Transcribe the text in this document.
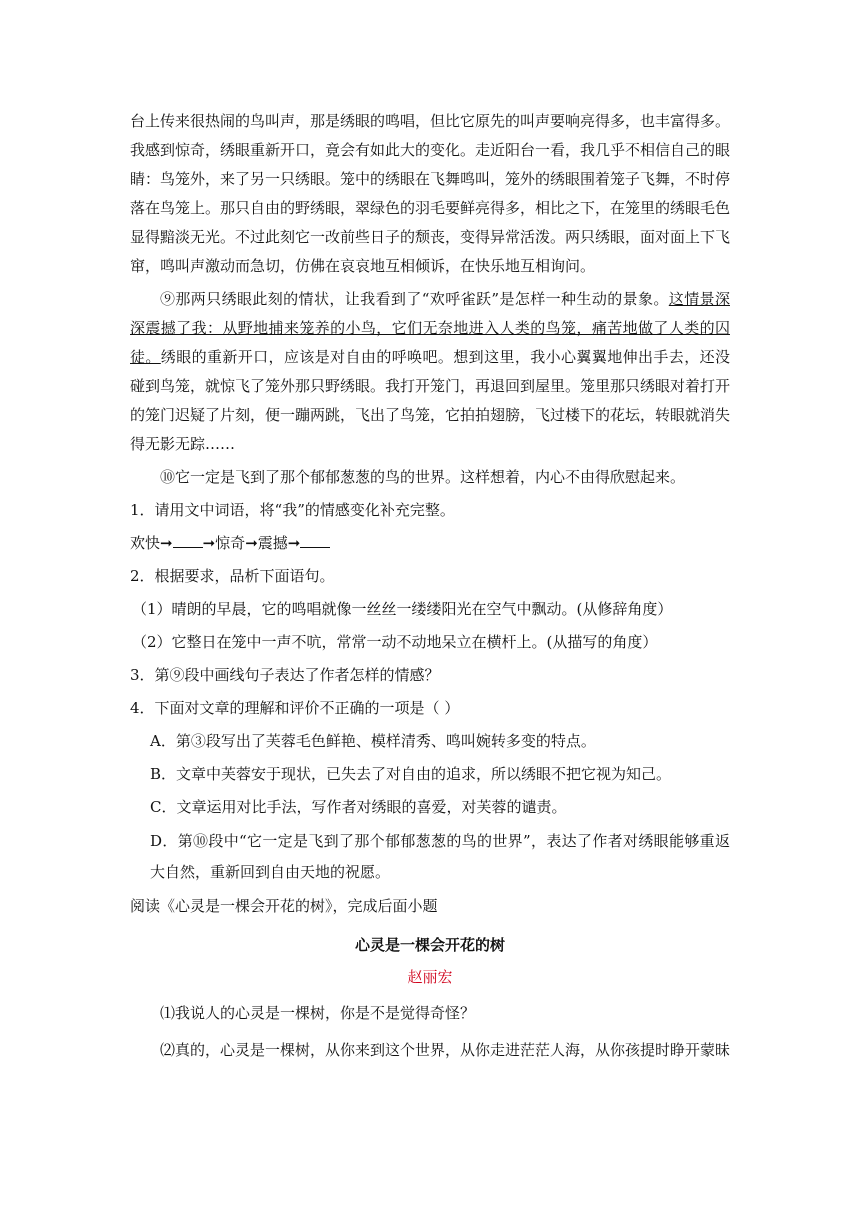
台上传来很热闹的鸟叫声，那是绣眼的鸣唱，但比它原先的叫声要响亮得多，也丰富得多。我感到惊奇，绣眼重新开口，竟会有如此大的变化。走近阳台一看，我几乎不相信自己的眼睛：鸟笼外，来了另一只绣眼。笼中的绣眼在飞舞鸣叫，笼外的绣眼围着笼子飞舞，不时停落在鸟笼上。那只自由的野绣眼，翠绿色的羽毛要鲜亮得多，相比之下，在笼里的绣眼毛色显得黯淡无光。不过此刻它一改前些日子的颓丧，变得异常活泼。两只绣眼，面对面上下飞窜，鸣叫声激动而急切，仿佛在哀哀地互相倾诉，在快乐地互相询问。

⑨那两只绣眼此刻的情状，让我看到了“欢呼雀跃”是怎样一种生动的景象。这情景深深震撼了我：从野地捕来笼养的小鸟，它们无奈地进入人类的鸟笼，痛苦地做了人类的囚徒。绣眼的重新开口，应该是对自由的呼唤吧。想到这里，我小心翼翼地伸出手去，还没碰到鸟笼，就惊飞了笼外那只野绣眼。我打开笼门，再退回到屋里。笼里那只绣眼对着打开的笼门迟疑了片刻，便一蹦两跳，飞出了鸟笼，它拍拍翅膀，飞过楼下的花坛，转眼就消失得无影无踪……

⑩它一定是飞到了那个郁郁葱葱的鸟的世界。这样想着，内心不由得欣慰起来。

1．请用文中词语，将“我”的情感变化补充完整。

欢快➞ ➞惊奇➞震撼➞

2．根据要求，品析下面语句。

（1）晴朗的早晨，它的鸣唱就像一丝丝一缕缕阳光在空气中飘动。(从修辞角度）

（2）它整日在笼中一声不吭，常常一动不动地呆立在横杆上。(从描写的角度）

3．第⑨段中画线句子表达了作者怎样的情感？

4．下面对文章的理解和评价不正确的一项是（ ）

A．第③段写出了芙蓉毛色鲜艳、模样清秀、鸣叫婉转多变的特点。

B．文章中芙蓉安于现状，已失去了对自由的追求，所以绣眼不把它视为知己。

C．文章运用对比手法，写作者对绣眼的喜爱，对芙蓉的谴责。

D．第⑩段中“它一定是飞到了那个郁郁葱葱的鸟的世界”，表达了作者对绣眼能够重返大自然，重新回到自由天地的祝愿。

阅读《心灵是一棵会开花的树》，完成后面小题

心灵是一棵会开花的树

赵丽宏

⑴我说人的心灵是一棵树，你是不是觉得奇怪？

⑵真的，心灵是一棵树，从你来到这个世界，从你走进茫茫人海，从你孩提时睁开蒙昧
